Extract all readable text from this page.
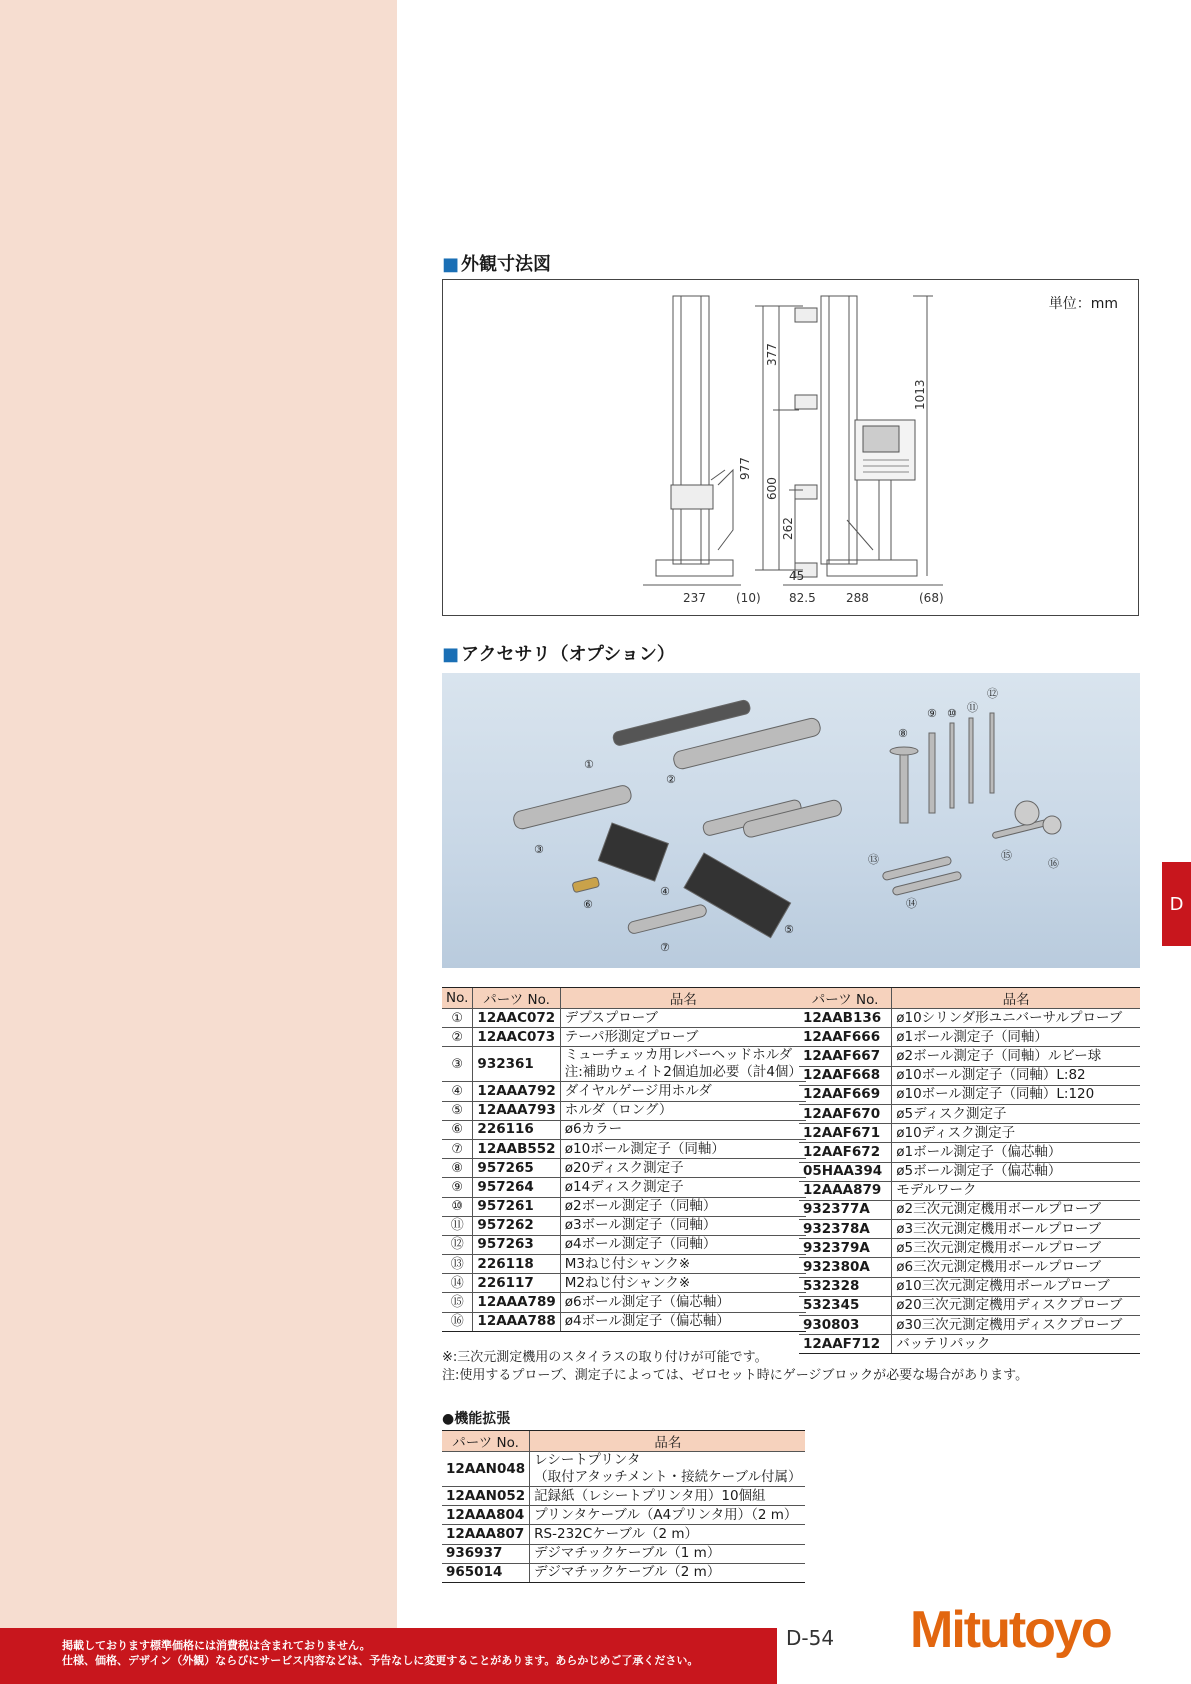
■ 外観寸法図
単位：mm
977
377
600
262
1013
45
237	(10) 82.5	288	(68)
■ アクセサリ（オプション）
①
②
③
④
⑤
⑥
⑦
⑧
⑨ ⑩ ⑪
⑫
⑬
⑭
⑮
⑯
No.	パーツ No.	品名
①	12AAC072	デプスプローブ
②	12AAC073	テーパ形測定プローブ
③	932361	ミューチェッカ用レバーヘッドホルダ
注:補助ウェイト2個追加必要（計4個）

④	12AAA792	ダイヤルゲージ用ホルダ
⑤	12AAA793	ホルダ（ロング）
⑥	226116	ø6カラー
⑦	12AAB552	ø10ボール測定子（同軸）
⑧	957265	ø20ディスク測定子
⑨	957264	ø14ディスク測定子
⑩	957261	ø2ボール測定子（同軸）
⑪	957262	ø3ボール測定子（同軸）
⑫	957263	ø4ボール測定子（同軸）
⑬	226118	M3ねじ付シャンク※
⑭	226117	M2ねじ付シャンク※
⑮	12AAA789	ø6ボール測定子（偏芯軸）
⑯	12AAA788	ø4ボール測定子（偏芯軸）
パーツ No.	品名
12AAB136	ø10シリンダ形ユニバーサルプローブ
12AAF666	ø1ボール測定子（同軸）
12AAF667	ø2ボール測定子（同軸）ルビー球
12AAF668	ø10ボール測定子（同軸）L:82
12AAF669	ø10ボール測定子（同軸）L:120
12AAF670	ø5ディスク測定子
12AAF671	ø10ディスク測定子
12AAF672	ø1ボール測定子（偏芯軸）
05HAA394	ø5ボール測定子（偏芯軸）
12AAA879	モデルワーク
932377A	ø2三次元測定機用ボールプローブ
932378A	ø3三次元測定機用ボールプローブ
932379A	ø5三次元測定機用ボールプローブ
932380A	ø6三次元測定機用ボールプローブ
532328	ø10三次元測定機用ボールプローブ
532345	ø20三次元測定機用ディスクプローブ
930803	ø30三次元測定機用ディスクプローブ
12AAF712	バッテリパック
※:三次元測定機用のスタイラスの取り付けが可能です。
注:使用するプローブ、測定子によっては、ゼロセット時にゲージブロックが必要な場合があります。
●機能拡張
パーツ No.	品名
12AAN048	レシートプリンタ
（取付アタッチメント・接続ケーブル付属）

12AAN052	記録紙（レシートプリンタ用）10個組
12AAA804	プリンタケーブル（A4プリンタ用）（2 m）
12AAA807	RS-232Cケーブル（2 m）
936937	デジマチックケーブル（1 m）
965014	デジマチックケーブル（2 m）
D
掲載しております標準価格には消費税は含まれておりません。
仕様、価格、デザイン（外観）ならびにサービス内容などは、予告なしに変更することがあります。あらかじめご了承ください。
D-54 Mitutoyo
